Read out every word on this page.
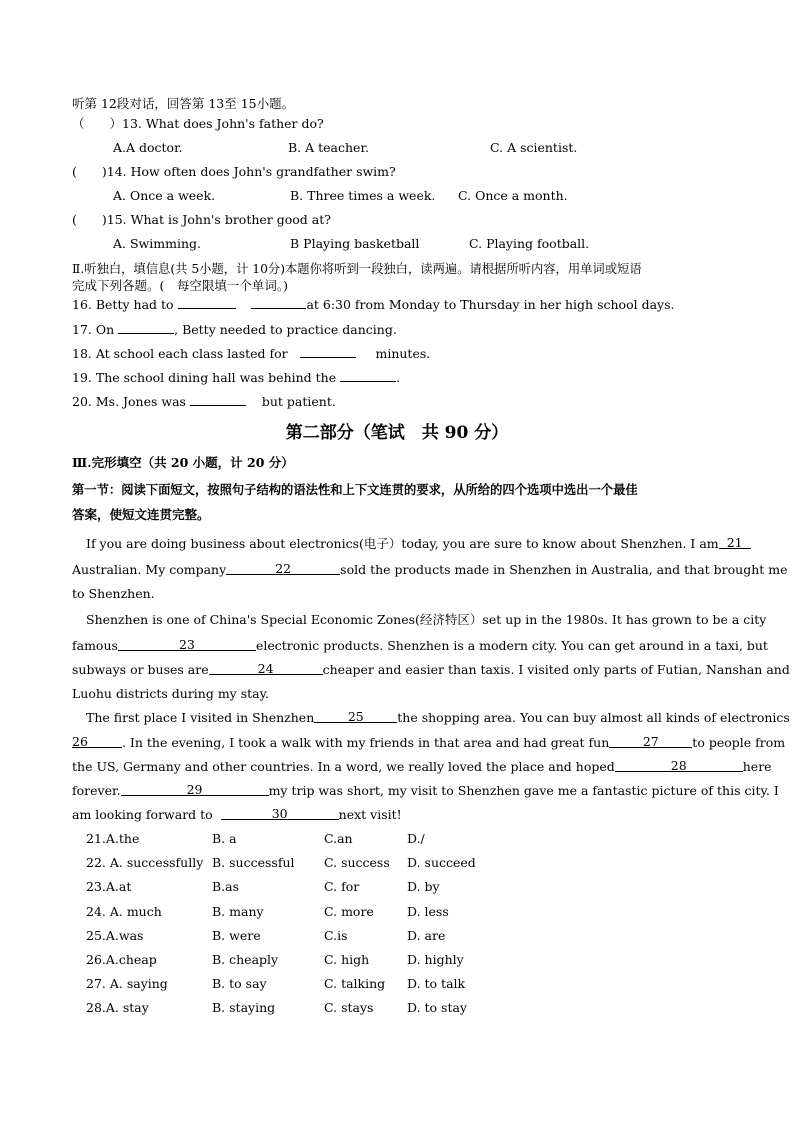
听第 12段对话，回答第 13至 15小题。
（　　）13. What does John's father do?
A.A doctor.	B. A teacher.	C. A scientist.
(　　)14. How often does John's grandfather swim?
A. Once a week.	B. Three times a week. C. Once a month.
(　　)15. What is John's brother good at?
A. Swimming.	B Playing basketball	C. Playing football.
Ⅱ.听独白，填信息(共 5小题，计 10分)本题你将听到一段独白，读两遍。请根据所听内容，用单词或短语
完成下列各题。(　每空限填一个单词。)
16. Betty had to	at 6:30 from Monday to Thursday in her high school days.
17. On	, Betty needed to practice dancing.
18. At school each class lasted for	minutes.
19. The school dining hall was behind the	.
20. Ms. Jones was	but patient.
第二部分（笔试　共 90 分）
Ⅲ.完形填空（共 20 小题，计 20 分）
第一节：阅读下面短文，按照句子结构的语法性和上下文连贯的要求，从所给的四个选项中选出一个最佳
答案，使短文连贯完整。
If you are doing business about electronics(电子）today, you are sure to know about Shenzhen. I am 21
Australian. My company	22	sold the products made in Shenzhen in Australia, and that brought me
to Shenzhen.
Shenzhen is one of China's Special Economic Zones(经济特区）set up in the 1980s. It has grown to be a city
famous	23	electronic products. Shenzhen is a modern city. You can get around in a taxi, but
subways or buses are	24	cheaper and easier than taxis. I visited only parts of Futian, Nanshan and
Luohu districts during my stay.
The first place I visited in Shenzhen	25	the shopping area. You can buy almost all kinds of electronics
26	. In the evening, I took a walk with my friends in that area and had great fun	27	to people from
the US, Germany and other countries. In a word, we really loved the place and hoped	28	here
forever.	29	my trip was short, my visit to Shenzhen gave me a fantastic picture of this city. I
am looking forward to	30	next visit!
21.A.the	B. a	C.an	D./
22. A. successfully B. successful C. success D. succeed
23.A.at	B.as	C. for	D. by
24. A. much	B. many	C. more	D. less
25.A.was	B. were	C.is	D. are
26.A.cheap	B. cheaply	C. high	D. highly
27. A. saying	B. to say	C. talking D. to talk
28.A. stay	B. staying	C. stays	D. to stay
